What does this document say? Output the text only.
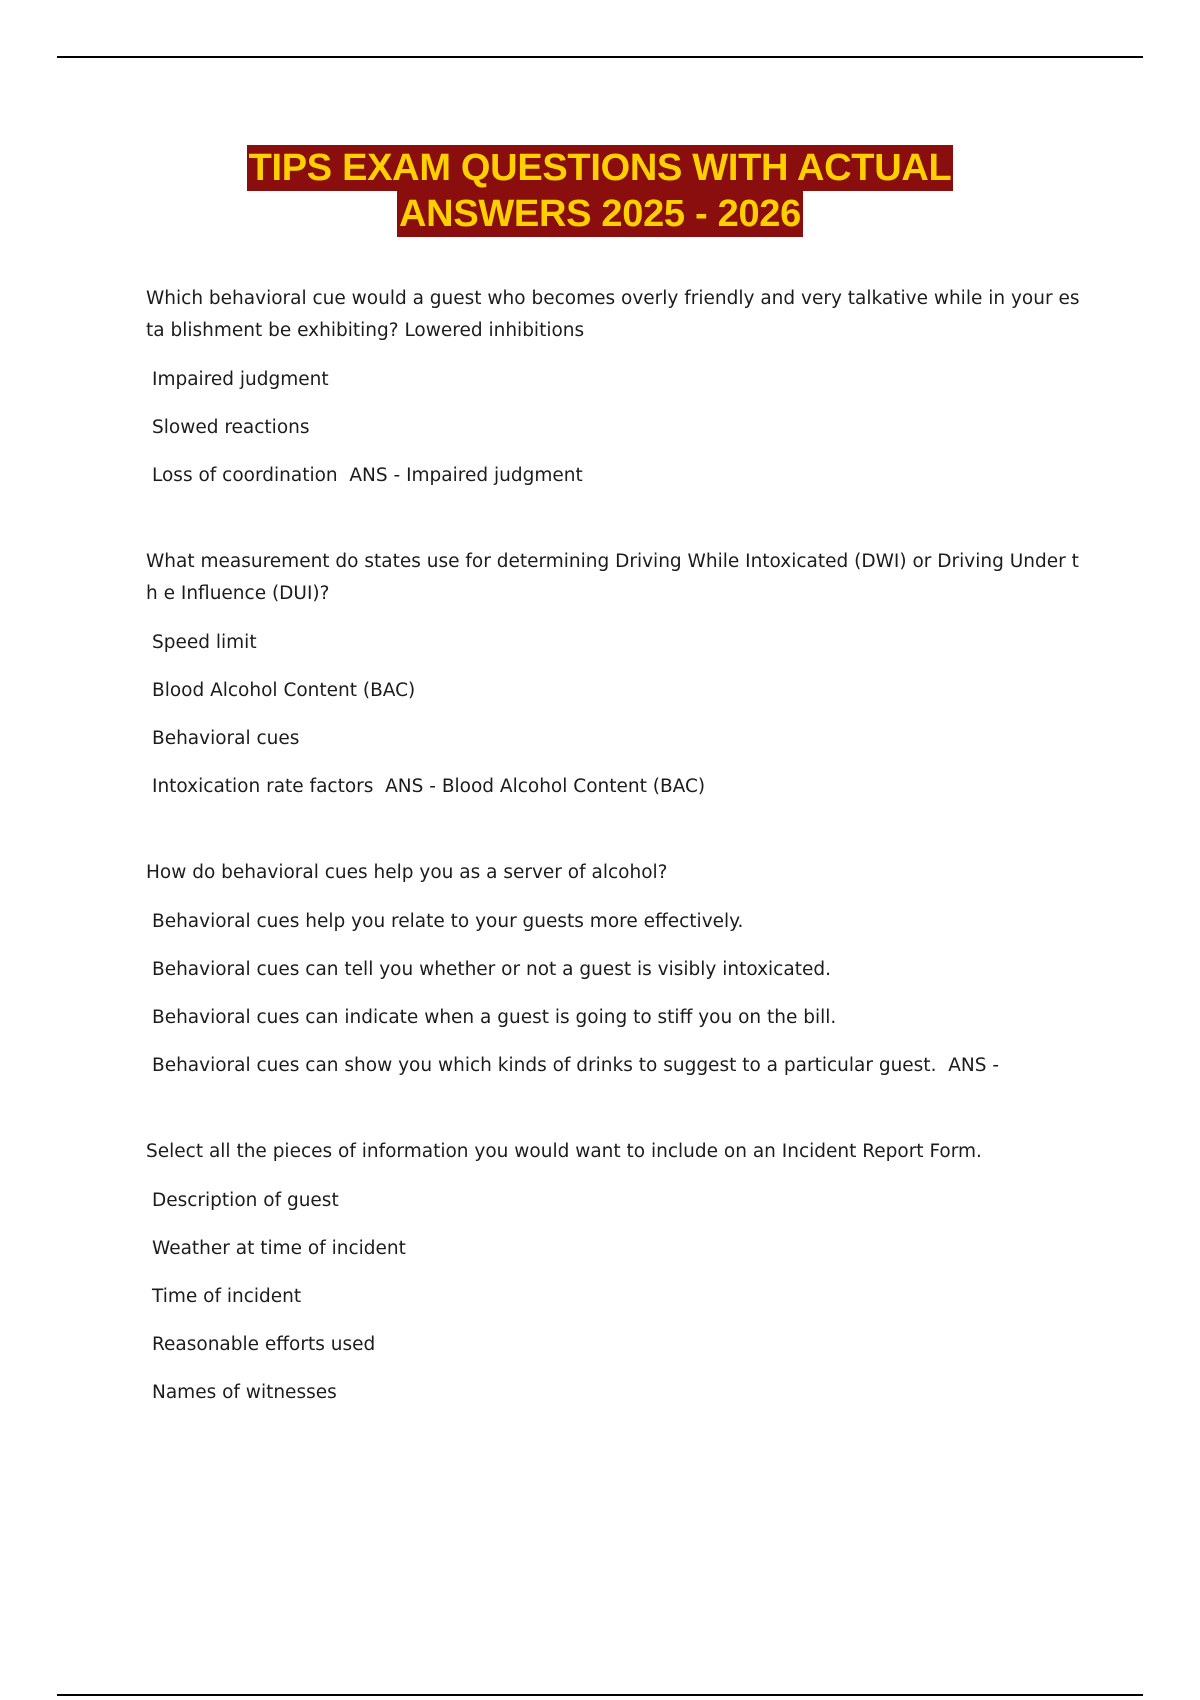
TIPS EXAM QUESTIONS WITH ACTUAL
ANSWERS 2025 - 2026
Which behavioral cue would a guest who becomes overly friendly and very talkative while in your esta blishment be exhibiting? Lowered inhibitions
Impaired judgment
Slowed reactions
Loss of coordination  ANS - Impaired judgment
What measurement do states use for determining Driving While Intoxicated (DWI) or Driving Under th e Influence (DUI)?
Speed limit
Blood Alcohol Content (BAC)
Behavioral cues
Intoxication rate factors  ANS - Blood Alcohol Content (BAC)
How do behavioral cues help you as a server of alcohol?
Behavioral cues help you relate to your guests more effectively.
Behavioral cues can tell you whether or not a guest is visibly intoxicated.
Behavioral cues can indicate when a guest is going to stiff you on the bill.
Behavioral cues can show you which kinds of drinks to suggest to a particular guest.  ANS -
Select all the pieces of information you would want to include on an Incident Report Form.
Description of guest
Weather at time of incident
Time of incident
Reasonable efforts used
Names of witnesses
